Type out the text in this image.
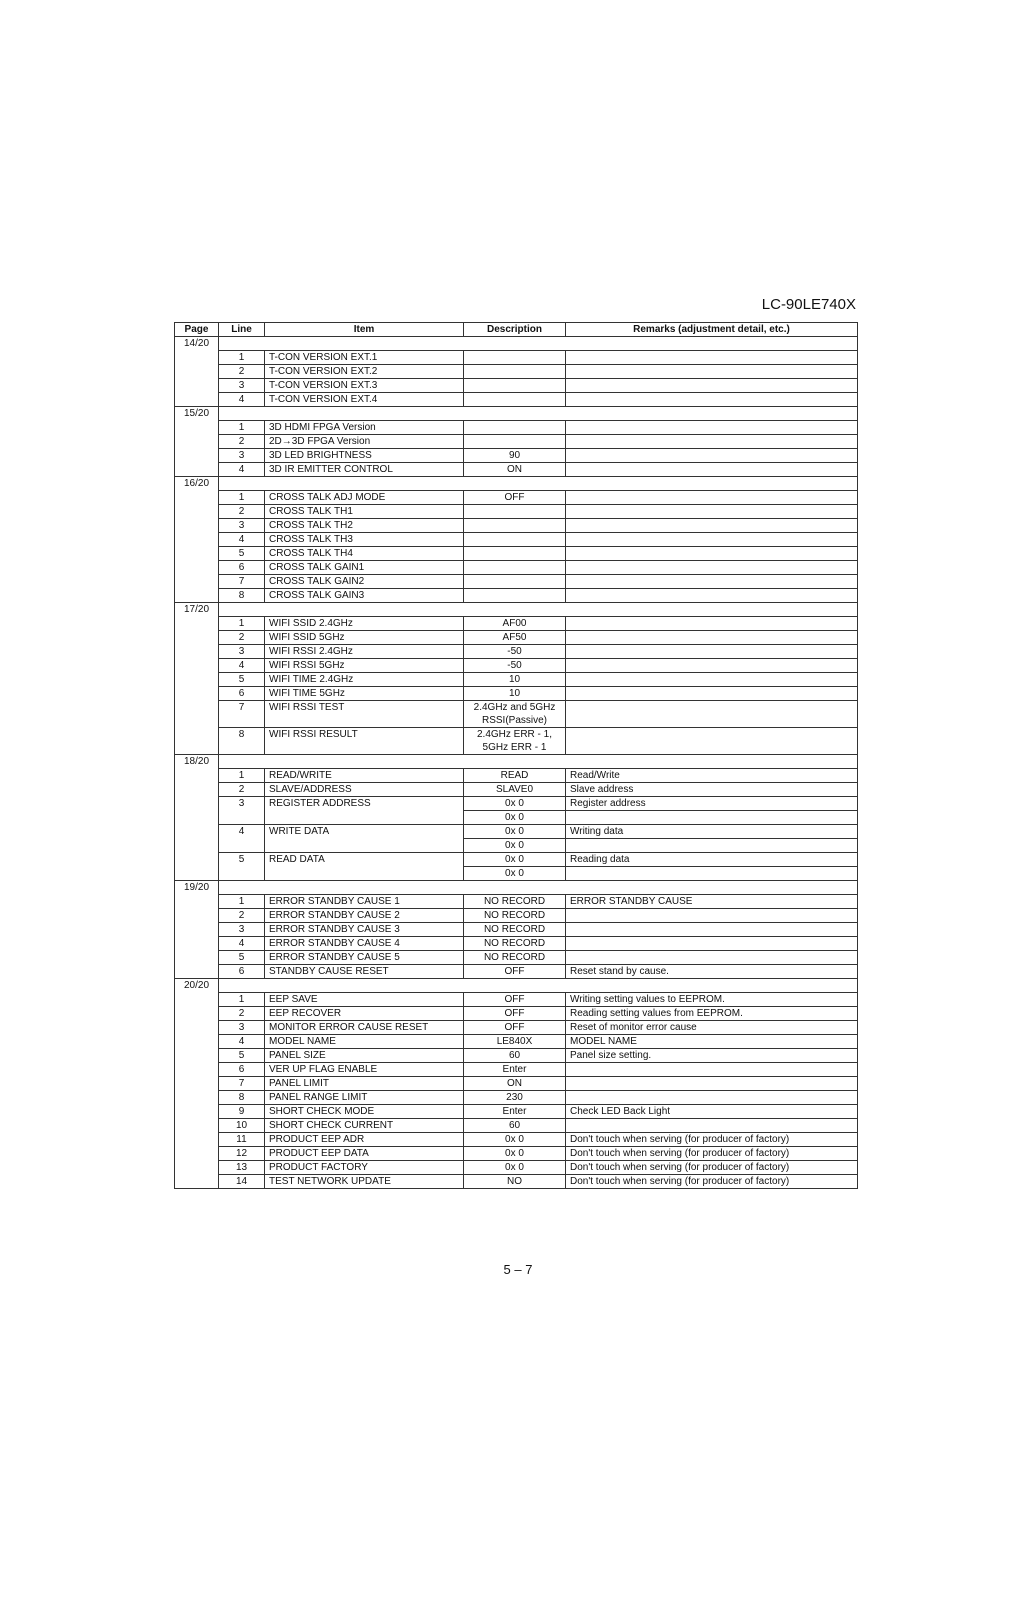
LC-90LE740X
Page	Line	Item	Description	Remarks (adjustment detail, etc.)
14/20				
	1	T-CON VERSION EXT.1		
	2	T-CON VERSION EXT.2		
	3	T-CON VERSION EXT.3		
	4	T-CON VERSION EXT.4		
15/20				
	1	3D HDMI FPGA Version		
	2	2D→3D FPGA Version		
	3	3D LED BRIGHTNESS	90	
	4	3D IR EMITTER CONTROL	ON	
16/20				
	1	CROSS TALK ADJ MODE	OFF	
	2	CROSS TALK TH1		
	3	CROSS TALK TH2		
	4	CROSS TALK TH3		
	5	CROSS TALK TH4		
	6	CROSS TALK GAIN1		
	7	CROSS TALK GAIN2		
	8	CROSS TALK GAIN3		
17/20				
	1	WIFI SSID 2.4GHz	AF00	
	2	WIFI SSID 5GHz	AF50	
	3	WIFI RSSI 2.4GHz	-50	
	4	WIFI RSSI 5GHz	-50	
	5	WIFI TIME 2.4GHz	10	
	6	WIFI TIME 5GHz	10	
	7	WIFI RSSI TEST	2.4GHz and 5GHz
RSSI(Passive)	

	8	WIFI RSSI RESULT	2.4GHz ERR - 1,
5GHz ERR - 1	

18/20				
	1	READ/WRITE	READ	Read/Write
	2	SLAVE/ADDRESS	SLAVE0	Slave address
	3	REGISTER ADDRESS	0x 0	Register address
			0x 0	
	4	WRITE DATA	0x 0	Writing data
			0x 0	
	5	READ DATA	0x 0	Reading data
			0x 0	
19/20				
	1	ERROR STANDBY CAUSE 1	NO RECORD	ERROR STANDBY CAUSE
	2	ERROR STANDBY CAUSE 2	NO RECORD	
	3	ERROR STANDBY CAUSE 3	NO RECORD	
	4	ERROR STANDBY CAUSE 4	NO RECORD	
	5	ERROR STANDBY CAUSE 5	NO RECORD	
	6	STANDBY CAUSE RESET	OFF	Reset stand by cause.
20/20				
	1	EEP SAVE	OFF	Writing setting values to EEPROM.
	2	EEP RECOVER	OFF	Reading setting values from EEPROM.
	3	MONITOR ERROR CAUSE RESET	OFF	Reset of monitor error cause
	4	MODEL NAME	LE840X	MODEL NAME
	5	PANEL SIZE	60	Panel size setting.
	6	VER UP FLAG ENABLE	Enter	
	7	PANEL LIMIT	ON	
	8	PANEL RANGE LIMIT	230	
	9	SHORT CHECK MODE	Enter	Check LED Back Light
	10	SHORT CHECK CURRENT	60	
	11	PRODUCT EEP ADR	0x 0	Don't touch when serving (for producer of factory)
	12	PRODUCT EEP DATA	0x 0	Don't touch when serving (for producer of factory)
	13	PRODUCT FACTORY	0x 0	Don't touch when serving (for producer of factory)
	14	TEST NETWORK UPDATE	NO	Don't touch when serving (for producer of factory)
5 – 7
